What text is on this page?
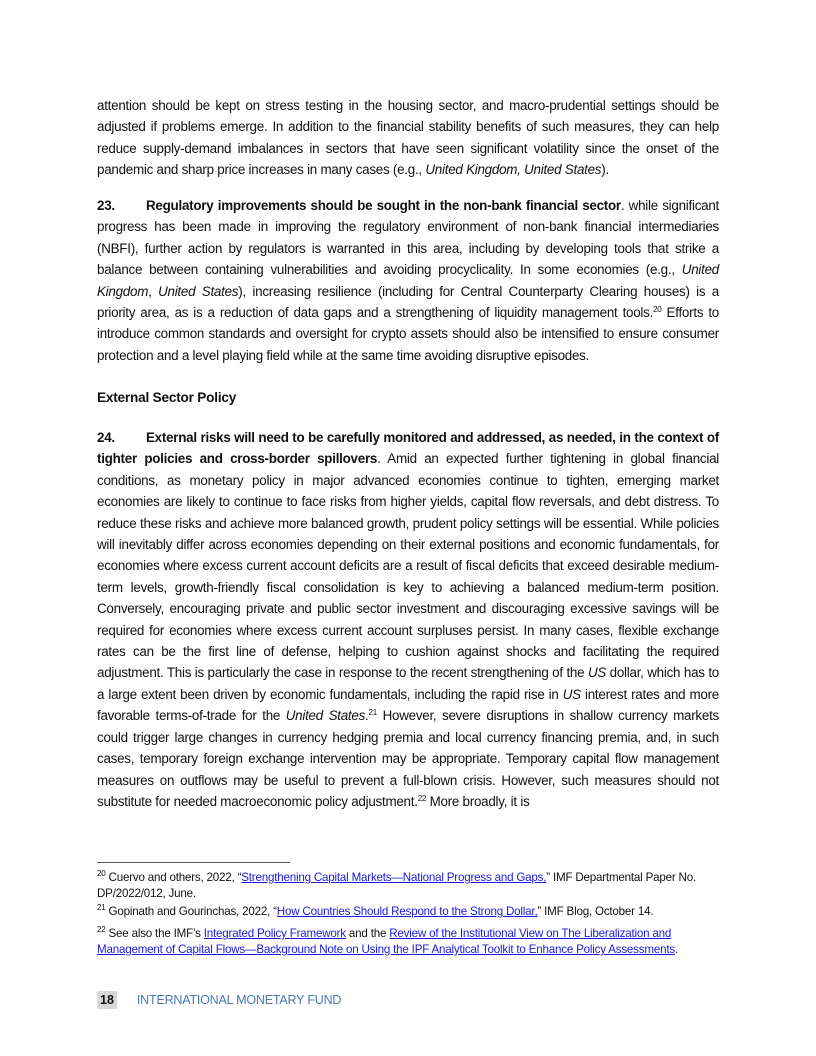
attention should be kept on stress testing in the housing sector, and macro-prudential settings should be adjusted if problems emerge. In addition to the financial stability benefits of such measures, they can help reduce supply-demand imbalances in sectors that have seen significant volatility since the onset of the pandemic and sharp price increases in many cases (e.g., United Kingdom, United States).
23. Regulatory improvements should be sought in the non-bank financial sector. while significant progress has been made in improving the regulatory environment of non-bank financial intermediaries (NBFI), further action by regulators is warranted in this area, including by developing tools that strike a balance between containing vulnerabilities and avoiding procyclicality. In some economies (e.g., United Kingdom, United States), increasing resilience (including for Central Counterparty Clearing houses) is a priority area, as is a reduction of data gaps and a strengthening of liquidity management tools.$^{20}$ Efforts to introduce common standards and oversight for crypto assets should also be intensified to ensure consumer protection and a level playing field while at the same time avoiding disruptive episodes.
External Sector Policy
24. External risks will need to be carefully monitored and addressed, as needed, in the context of tighter policies and cross-border spillovers. Amid an expected further tightening in global financial conditions, as monetary policy in major advanced economies continue to tighten, emerging market economies are likely to continue to face risks from higher yields, capital flow reversals, and debt distress. To reduce these risks and achieve more balanced growth, prudent policy settings will be essential. While policies will inevitably differ across economies depending on their external positions and economic fundamentals, for economies where excess current account deficits are a result of fiscal deficits that exceed desirable medium-term levels, growth-friendly fiscal consolidation is key to achieving a balanced medium-term position. Conversely, encouraging private and public sector investment and discouraging excessive savings will be required for economies where excess current account surpluses persist. In many cases, flexible exchange rates can be the first line of defense, helping to cushion against shocks and facilitating the required adjustment. This is particularly the case in response to the recent strengthening of the US dollar, which has to a large extent been driven by economic fundamentals, including the rapid rise in US interest rates and more favorable terms-of-trade for the United States.$^{21}$ However, severe disruptions in shallow currency markets could trigger large changes in currency hedging premia and local currency financing premia, and, in such cases, temporary foreign exchange intervention may be appropriate. Temporary capital flow management measures on outflows may be useful to prevent a full-blown crisis. However, such measures should not substitute for needed macroeconomic policy adjustment.$^{22}$ More broadly, it is
$^{20}$ Cuervo and others, 2022, “Strengthening Capital Markets—National Progress and Gaps,” IMF Departmental Paper No. DP/2022/012, June.
$^{21}$ Gopinath and Gourinchas, 2022, “How Countries Should Respond to the Strong Dollar,” IMF Blog, October 14.
$^{22}$ See also the IMF’s Integrated Policy Framework and the Review of the Institutional View on The Liberalization and Management of Capital Flows—Background Note on Using the IPF Analytical Toolkit to Enhance Policy Assessments.
18 INTERNATIONAL MONETARY FUND
